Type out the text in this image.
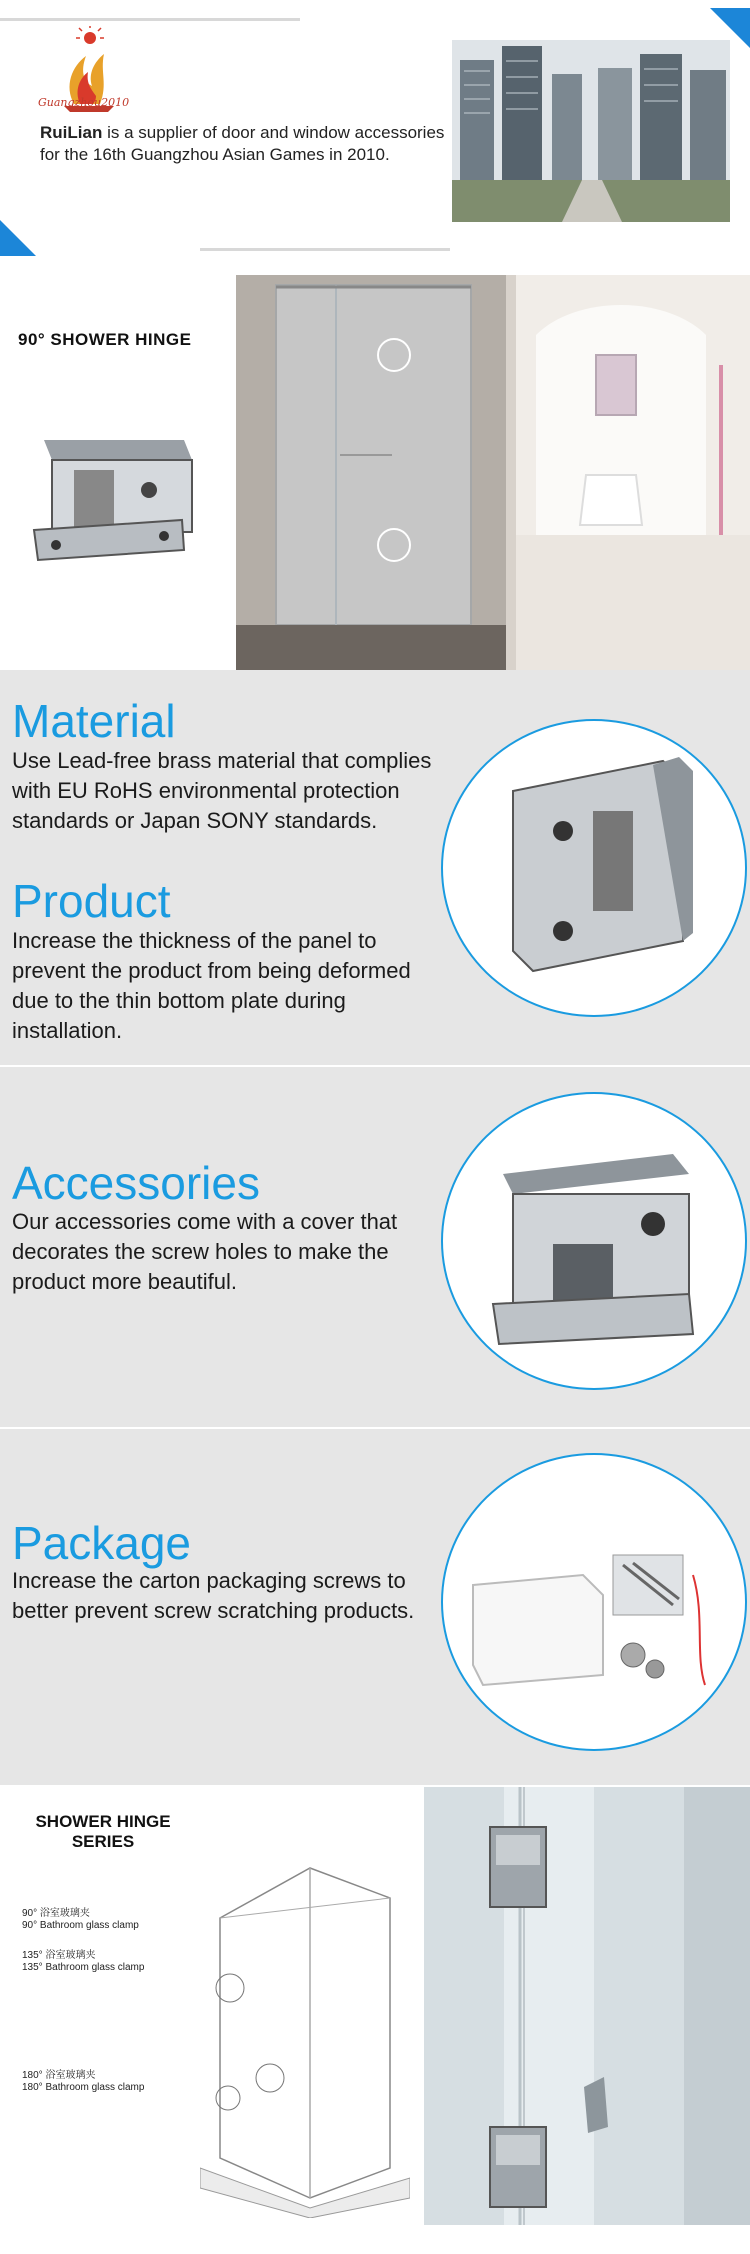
Guangzhou2010
RuiLian is a supplier of door and window accessories for the 16th Guangzhou Asian Games in 2010.
90° SHOWER HINGE
Material
Use Lead-free brass material that complies with EU RoHS environmental protection standards or Japan SONY standards.
Product
Increase the thickness of the panel to prevent the product from being deformed due to the thin bottom plate during installation.
Accessories
Our accessories come with a cover that decorates the screw holes to make the product more beautiful.
Package
Increase the carton packaging screws to better prevent screw scratching products.
SHOWER HINGE SERIES
90° 浴室玻璃夹
90° Bathroom glass clamp
135° 浴室玻璃夹
135° Bathroom glass clamp
180° 浴室玻璃夹
180° Bathroom glass clamp
